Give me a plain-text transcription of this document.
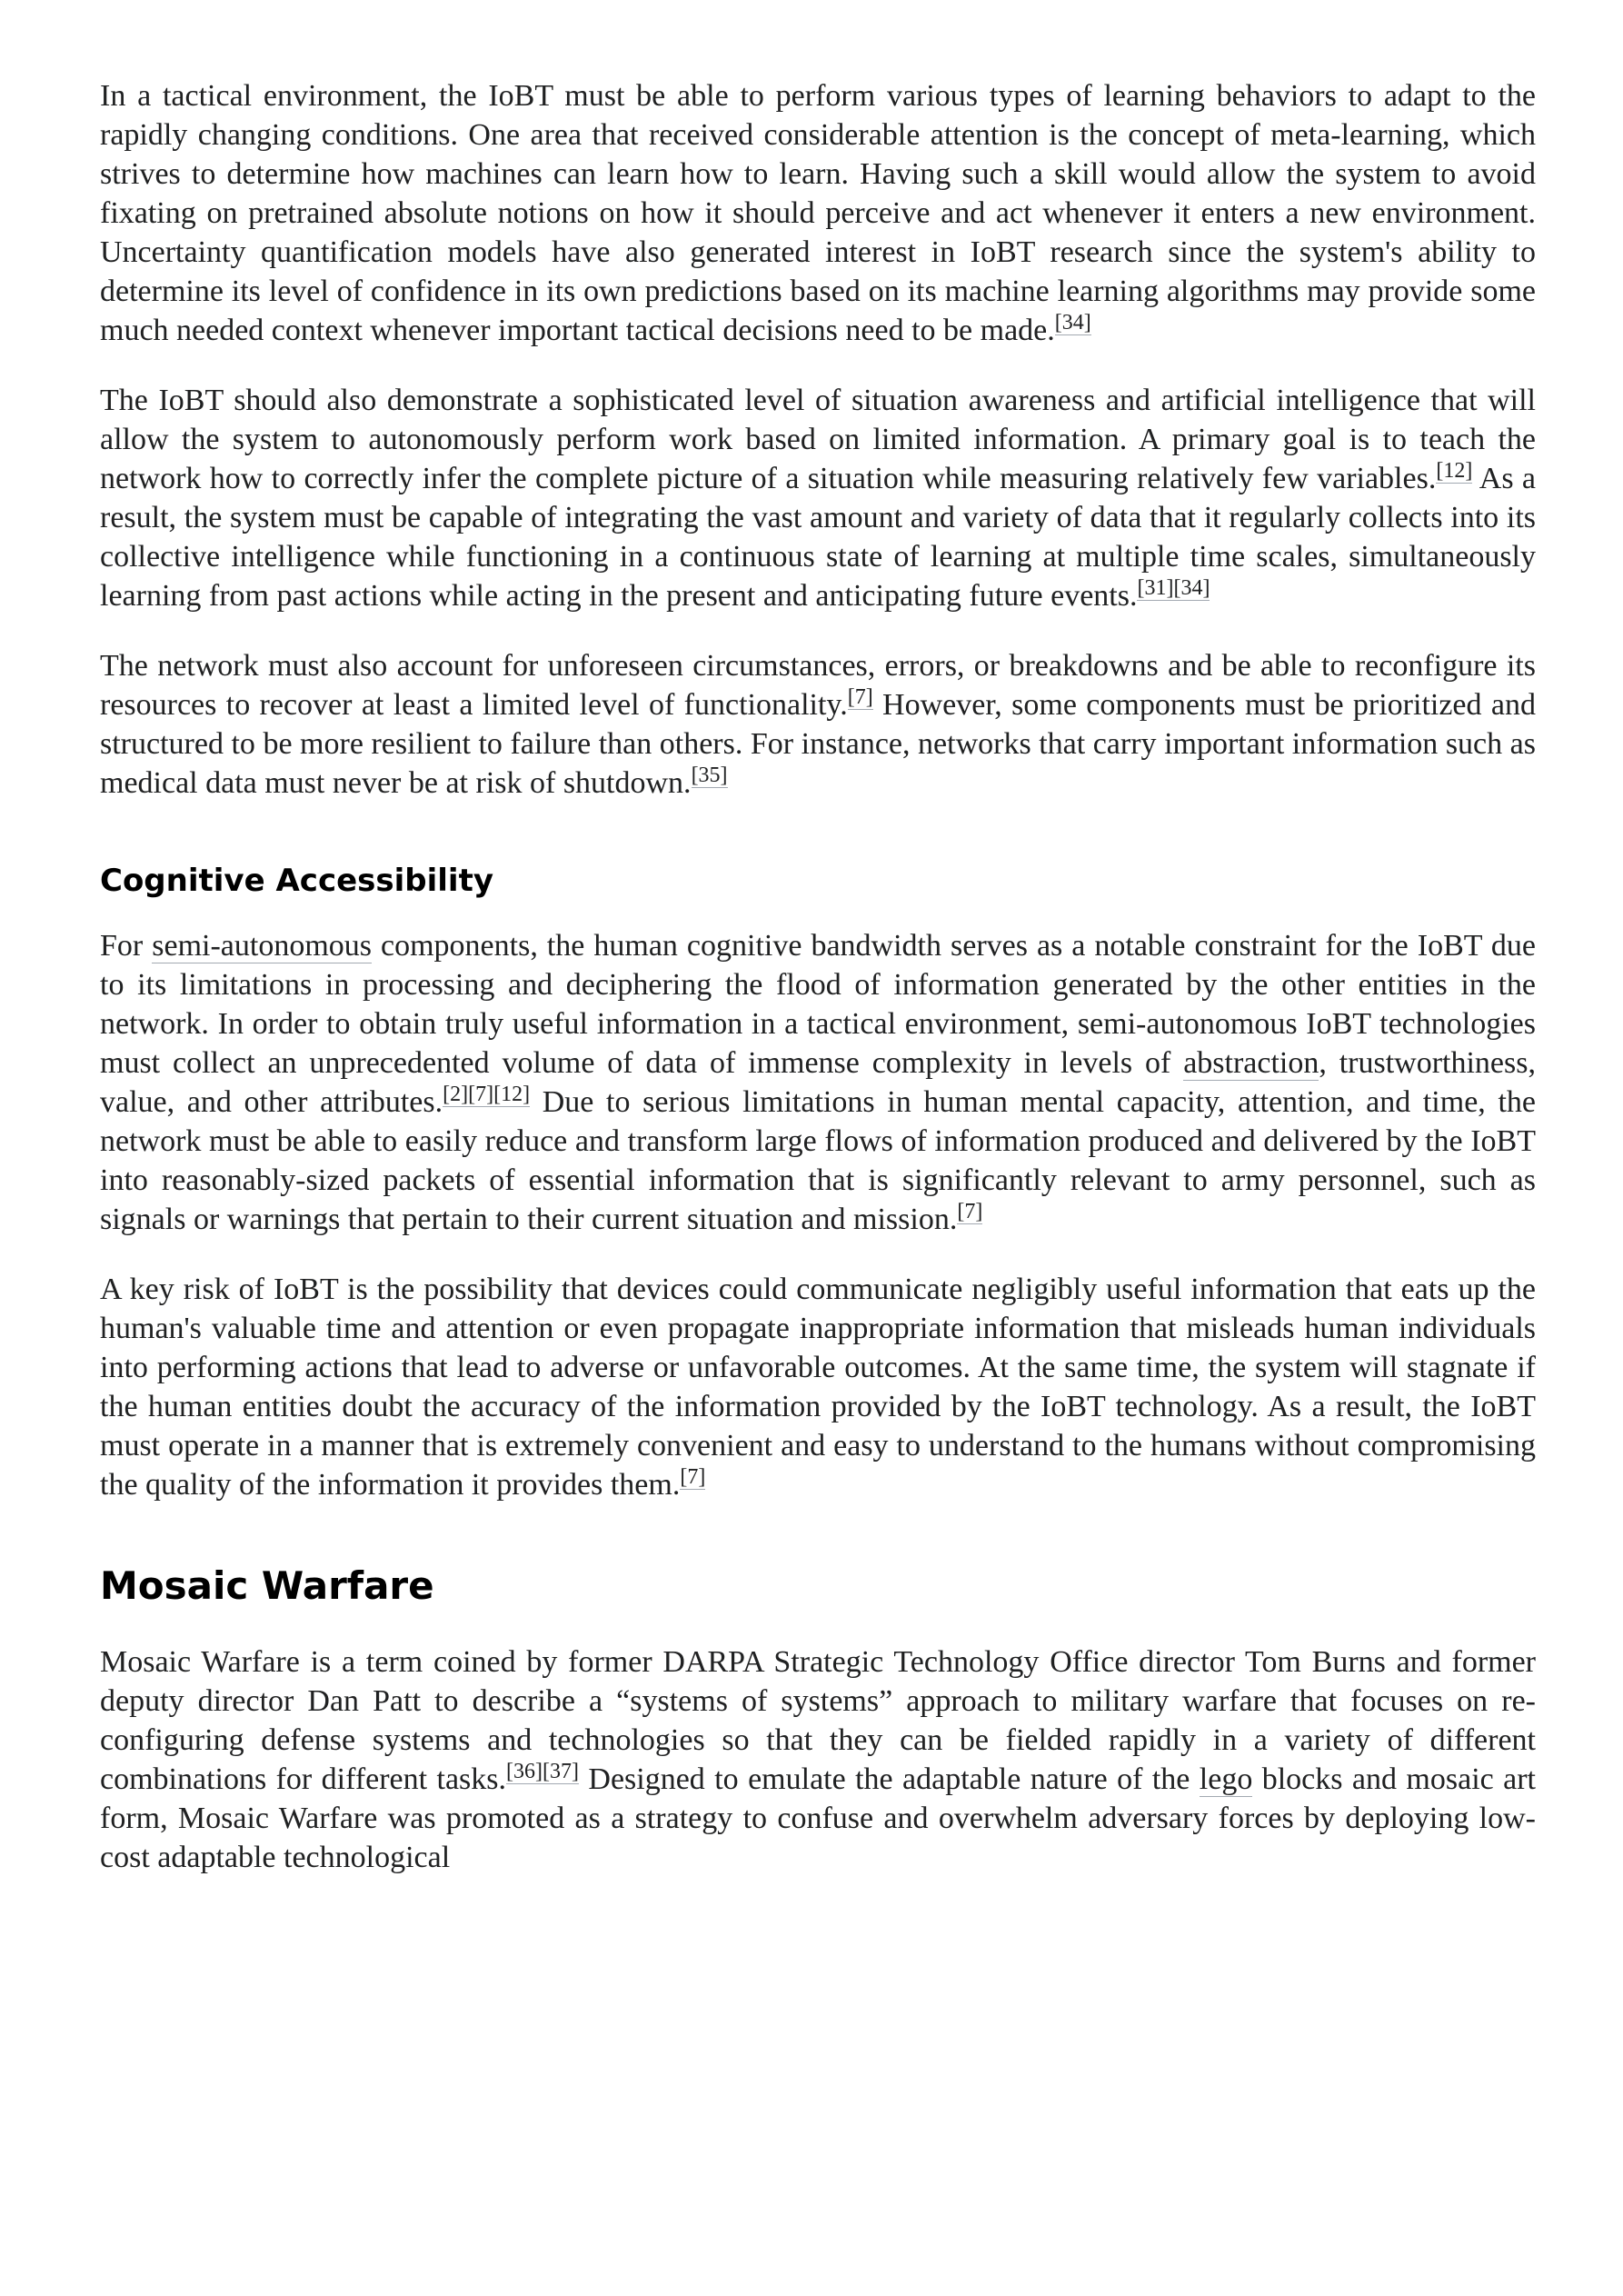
In a tactical environment, the IoBT must be able to perform various types of learning behaviors to adapt to the rapidly changing conditions. One area that received considerable attention is the concept of meta-learning, which strives to determine how machines can learn how to learn. Having such a skill would allow the system to avoid fixating on pretrained absolute notions on how it should perceive and act whenever it enters a new environment. Uncertainty quantification models have also generated interest in IoBT research since the system's ability to determine its level of confidence in its own predictions based on its machine learning algorithms may provide some much needed context whenever important tactical decisions need to be made.[34]

The IoBT should also demonstrate a sophisticated level of situation awareness and artificial intelligence that will allow the system to autonomously perform work based on limited information. A primary goal is to teach the network how to correctly infer the complete picture of a situation while measuring relatively few variables.[12] As a result, the system must be capable of integrating the vast amount and variety of data that it regularly collects into its collective intelligence while functioning in a continuous state of learning at multiple time scales, simultaneously learning from past actions while acting in the present and anticipating future events.[31][34]

The network must also account for unforeseen circumstances, errors, or breakdowns and be able to reconfigure its resources to recover at least a limited level of functionality.[7] However, some components must be prioritized and structured to be more resilient to failure than others. For instance, networks that carry important information such as medical data must never be at risk of shutdown.[35]

Cognitive Accessibility

For semi-autonomous components, the human cognitive bandwidth serves as a notable constraint for the IoBT due to its limitations in processing and deciphering the flood of information generated by the other entities in the network. In order to obtain truly useful information in a tactical environment, semi-autonomous IoBT technologies must collect an unprecedented volume of data of immense complexity in levels of abstraction, trustworthiness, value, and other attributes.[2][7][12] Due to serious limitations in human mental capacity, attention, and time, the network must be able to easily reduce and transform large flows of information produced and delivered by the IoBT into reasonably-sized packets of essential information that is significantly relevant to army personnel, such as signals or warnings that pertain to their current situation and mission.[7]

A key risk of IoBT is the possibility that devices could communicate negligibly useful information that eats up the human's valuable time and attention or even propagate inappropriate information that misleads human individuals into performing actions that lead to adverse or unfavorable outcomes. At the same time, the system will stagnate if the human entities doubt the accuracy of the information provided by the IoBT technology. As a result, the IoBT must operate in a manner that is extremely convenient and easy to understand to the humans without compromising the quality of the information it provides them.[7]

Mosaic Warfare

Mosaic Warfare is a term coined by former DARPA Strategic Technology Office director Tom Burns and former deputy director Dan Patt to describe a “systems of systems” approach to military warfare that focuses on re-configuring defense systems and technologies so that they can be fielded rapidly in a variety of different combinations for different tasks.[36][37] Designed to emulate the adaptable nature of the lego blocks and mosaic art form, Mosaic Warfare was promoted as a strategy to confuse and overwhelm adversary forces by deploying low-cost adaptable technological
